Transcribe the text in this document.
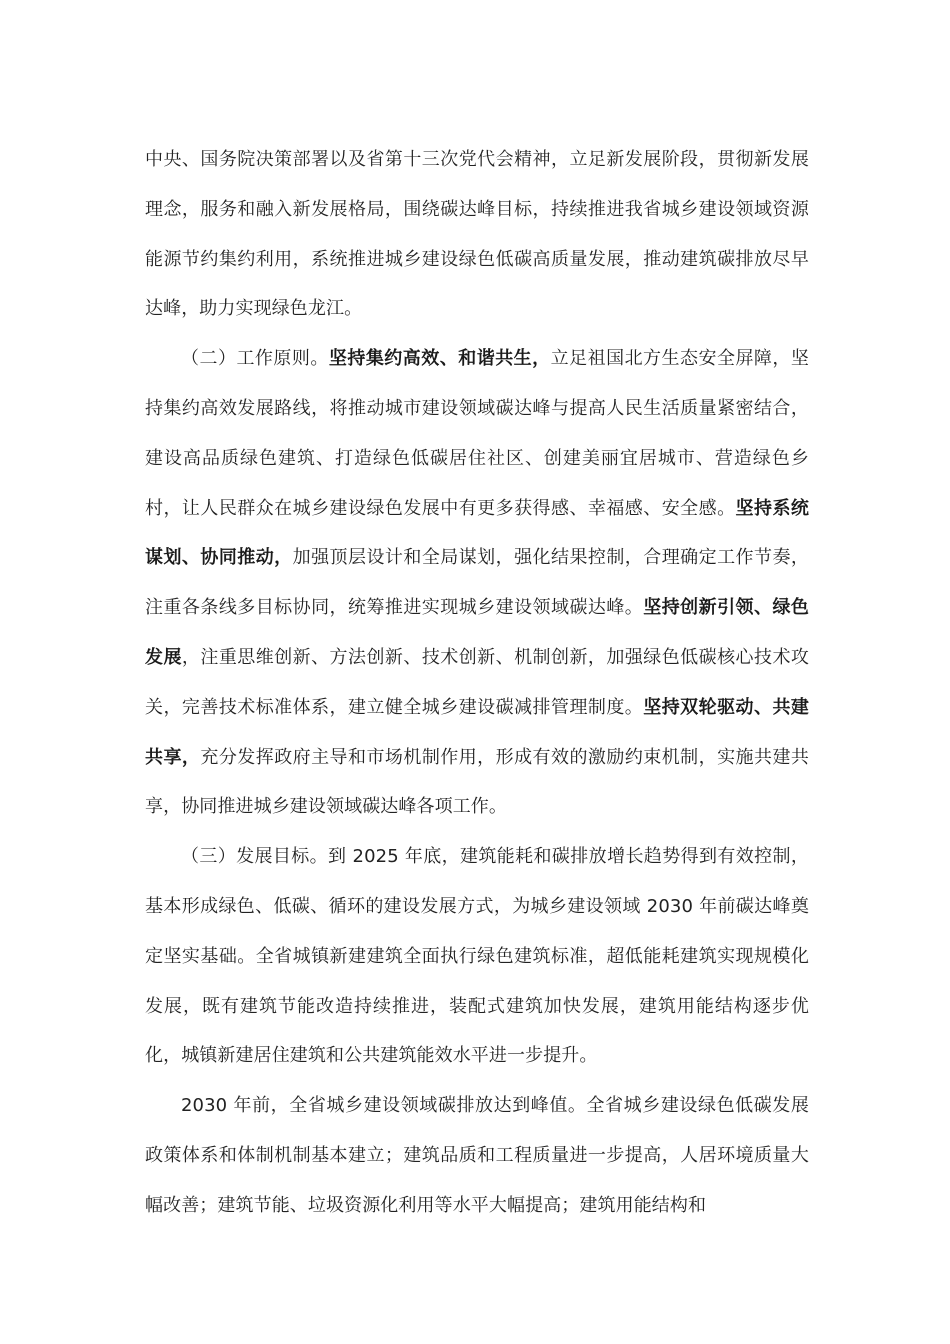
中央、国务院决策部署以及省第十三次党代会精神，立足新发展阶段，贯彻新发展理念，服务和融入新发展格局，围绕碳达峰目标，持续推进我省城乡建设领域资源能源节约集约利用，系统推进城乡建设绿色低碳高质量发展，推动建筑碳排放尽早达峰，助力实现绿色龙江。

（二）工作原则。坚持集约高效、和谐共生，立足祖国北方生态安全屏障，坚持集约高效发展路线，将推动城市建设领域碳达峰与提高人民生活质量紧密结合，建设高品质绿色建筑、打造绿色低碳居住社区、创建美丽宜居城市、营造绿色乡村，让人民群众在城乡建设绿色发展中有更多获得感、幸福感、安全感。坚持系统谋划、协同推动，加强顶层设计和全局谋划，强化结果控制，合理确定工作节奏，注重各条线多目标协同，统筹推进实现城乡建设领域碳达峰。坚持创新引领、绿色发展，注重思维创新、方法创新、技术创新、机制创新，加强绿色低碳核心技术攻关，完善技术标准体系，建立健全城乡建设碳减排管理制度。坚持双轮驱动、共建共享，充分发挥政府主导和市场机制作用，形成有效的激励约束机制，实施共建共享，协同推进城乡建设领域碳达峰各项工作。

（三）发展目标。到 2025 年底，建筑能耗和碳排放增长趋势得到有效控制，基本形成绿色、低碳、循环的建设发展方式，为城乡建设领域 2030 年前碳达峰奠定坚实基础。全省城镇新建建筑全面执行绿色建筑标准，超低能耗建筑实现规模化发展，既有建筑节能改造持续推进，装配式建筑加快发展，建筑用能结构逐步优化，城镇新建居住建筑和公共建筑能效水平进一步提升。

2030 年前，全省城乡建设领域碳排放达到峰值。全省城乡建设绿色低碳发展政策体系和体制机制基本建立；建筑品质和工程质量进一步提高，人居环境质量大幅改善；建筑节能、垃圾资源化利用等水平大幅提高；建筑用能结构和
